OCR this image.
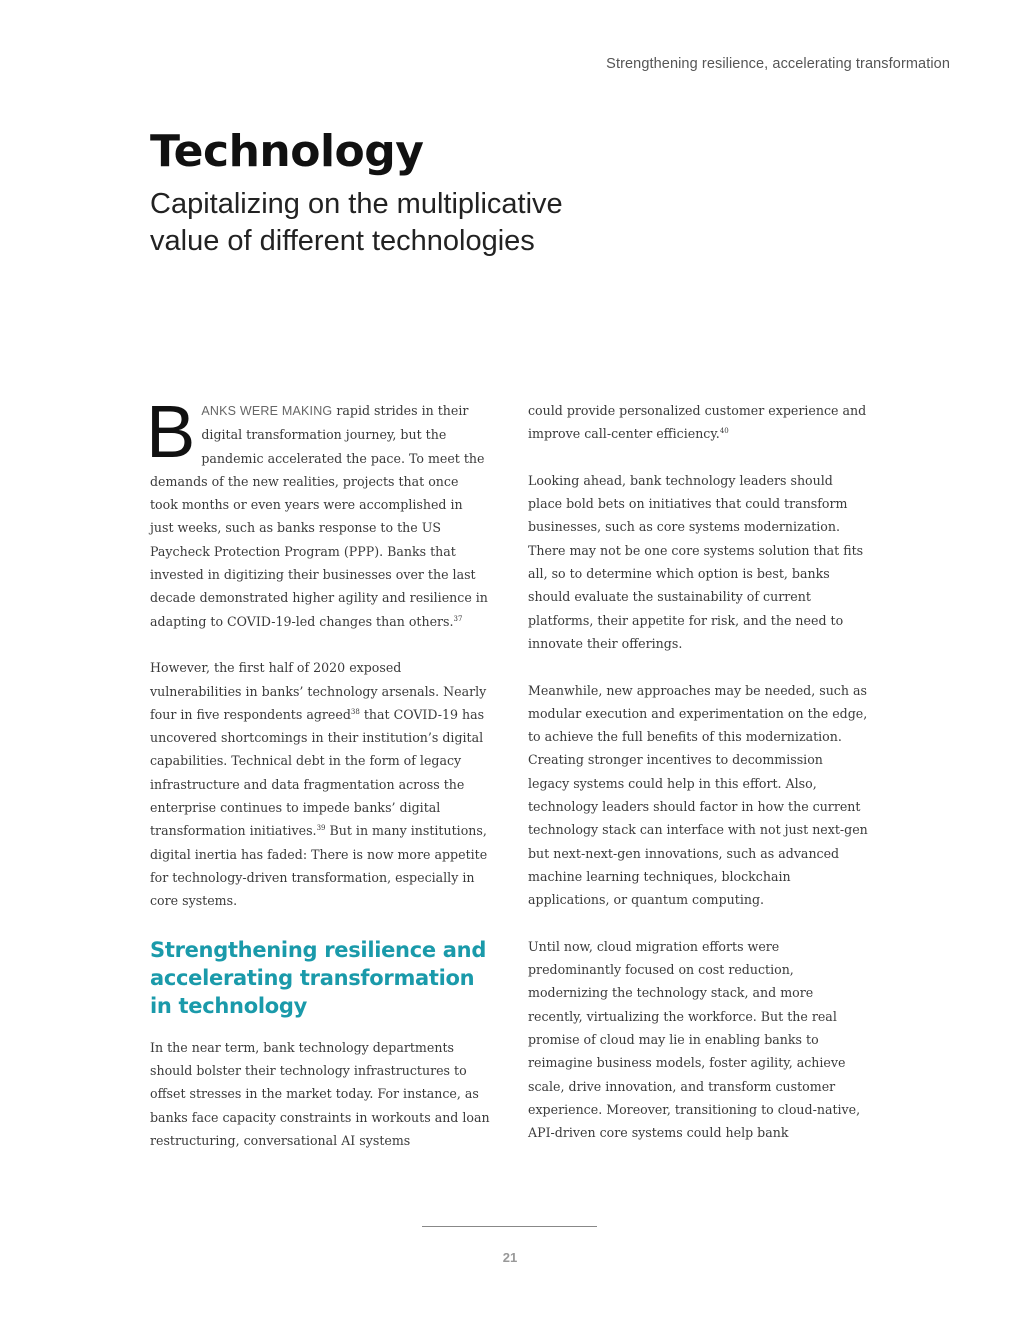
Strengthening resilience, accelerating transformation
Technology
Capitalizing on the multiplicative value of different technologies

BANKS WERE MAKING rapid strides in their digital transformation journey, but the pandemic accelerated the pace. To meet the demands of the new realities, projects that once took months or even years were accomplished in just weeks, such as banks response to the US Paycheck Protection Program (PPP). Banks that invested in digitizing their businesses over the last decade demonstrated higher agility and resilience in adapting to COVID-19-led changes than others.$^{37}$

However, the first half of 2020 exposed vulnerabilities in banks’ technology arsenals. Nearly four in five respondents agreed$^{38}$ that COVID-19 has uncovered shortcomings in their institution’s digital capabilities. Technical debt in the form of legacy infrastructure and data fragmentation across the enterprise continues to impede banks’ digital transformation initiatives.$^{39}$ But in many institutions, digital inertia has faded: There is now more appetite for technology-driven transformation, especially in core systems.

Strengthening resilience and accelerating transformation in technology

In the near term, bank technology departments should bolster their technology infrastructures to offset stresses in the market today. For instance, as banks face capacity constraints in workouts and loan restructuring, conversational AI systems

could provide personalized customer experience and improve call-center efficiency.$^{40}$

Looking ahead, bank technology leaders should place bold bets on initiatives that could transform businesses, such as core systems modernization. There may not be one core systems solution that fits all, so to determine which option is best, banks should evaluate the sustainability of current platforms, their appetite for risk, and the need to innovate their offerings.

Meanwhile, new approaches may be needed, such as modular execution and experimentation on the edge, to achieve the full benefits of this modernization. Creating stronger incentives to decommission legacy systems could help in this effort. Also, technology leaders should factor in how the current technology stack can interface with not just next-gen but next-next-gen innovations, such as advanced machine learning techniques, blockchain applications, or quantum computing.

Until now, cloud migration efforts were predominantly focused on cost reduction, modernizing the technology stack, and more recently, virtualizing the workforce. But the real promise of cloud may lie in enabling banks to reimagine business models, foster agility, achieve scale, drive innovation, and transform customer experience. Moreover, transitioning to cloud-native, API-driven core systems could help bank

21
